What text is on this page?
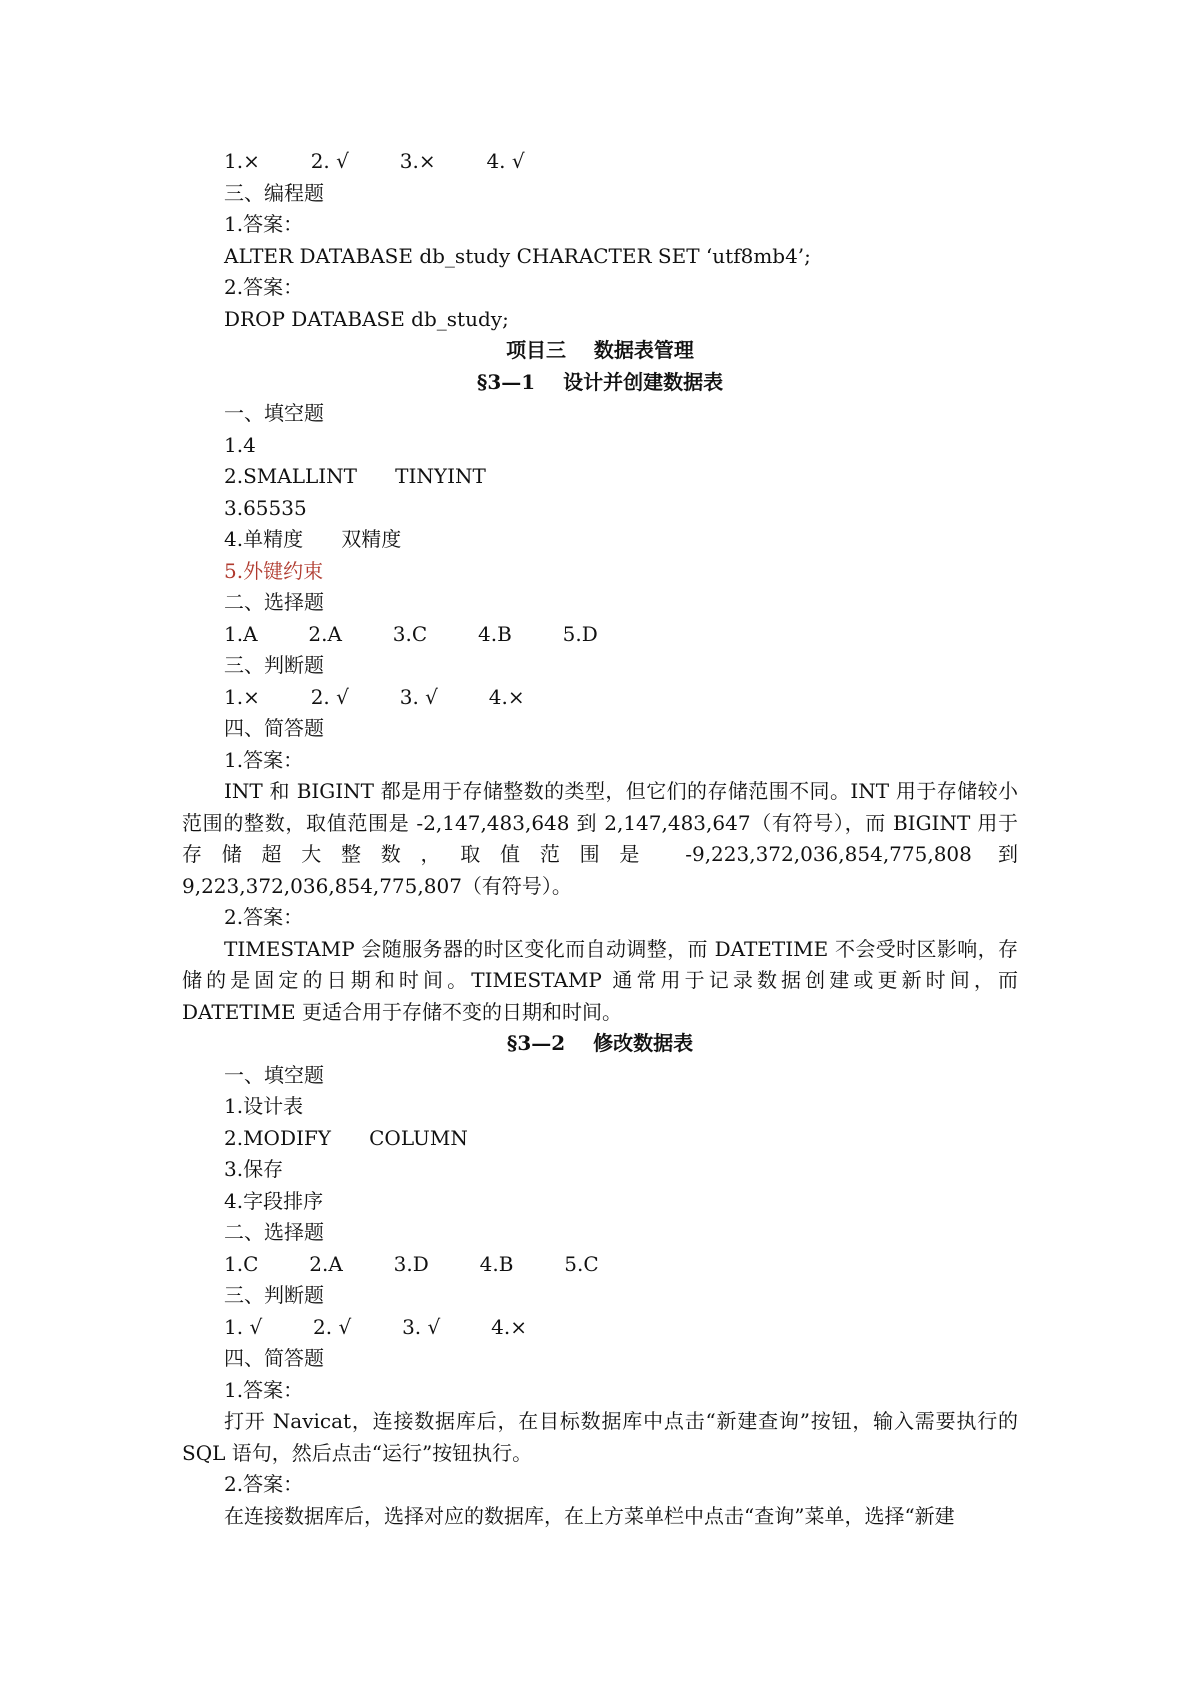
1.×        2. √        3.×        4. √
三、编程题
1.答案：
ALTER DATABASE db_study CHARACTER SET ‘utf8mb4’;
2.答案：
DROP DATABASE db_study;
项目三    数据表管理
§3—1    设计并创建数据表
一、填空题
1.4
2.SMALLINT      TINYINT
3.65535
4.单精度      双精度
5.外键约束
二、选择题
1.A        2.A        3.C        4.B        5.D
三、判断题
1.×        2. √        3. √        4.×
四、简答题
1.答案：

INT 和 BIGINT 都是用于存储整数的类型，但它们的存储范围不同。INT 用于存储较小范围的整数，取值范围是 -2,147,483,648 到 2,147,483,647（有符号），而 BIGINT 用于存储超大整数，取值范围是 -9,223,372,036,854,775,808 到 9,223,372,036,854,775,807（有符号）。

2.答案：

TIMESTAMP 会随服务器的时区变化而自动调整，而 DATETIME 不会受时区影响，存储的是固定的日期和时间。TIMESTAMP 通常用于记录数据创建或更新时间，而 DATETIME 更适合用于存储不变的日期和时间。

§3—2    修改数据表
一、填空题
1.设计表
2.MODIFY      COLUMN
3.保存
4.字段排序
二、选择题
1.C        2.A        3.D        4.B        5.C
三、判断题
1. √        2. √        3. √        4.×
四、简答题
1.答案：

打开 Navicat，连接数据库后，在目标数据库中点击“新建查询”按钮，输入需要执行的 SQL 语句，然后点击“运行”按钮执行。

2.答案：

在连接数据库后，选择对应的数据库，在上方菜单栏中点击“查询”菜单，选择“新建
